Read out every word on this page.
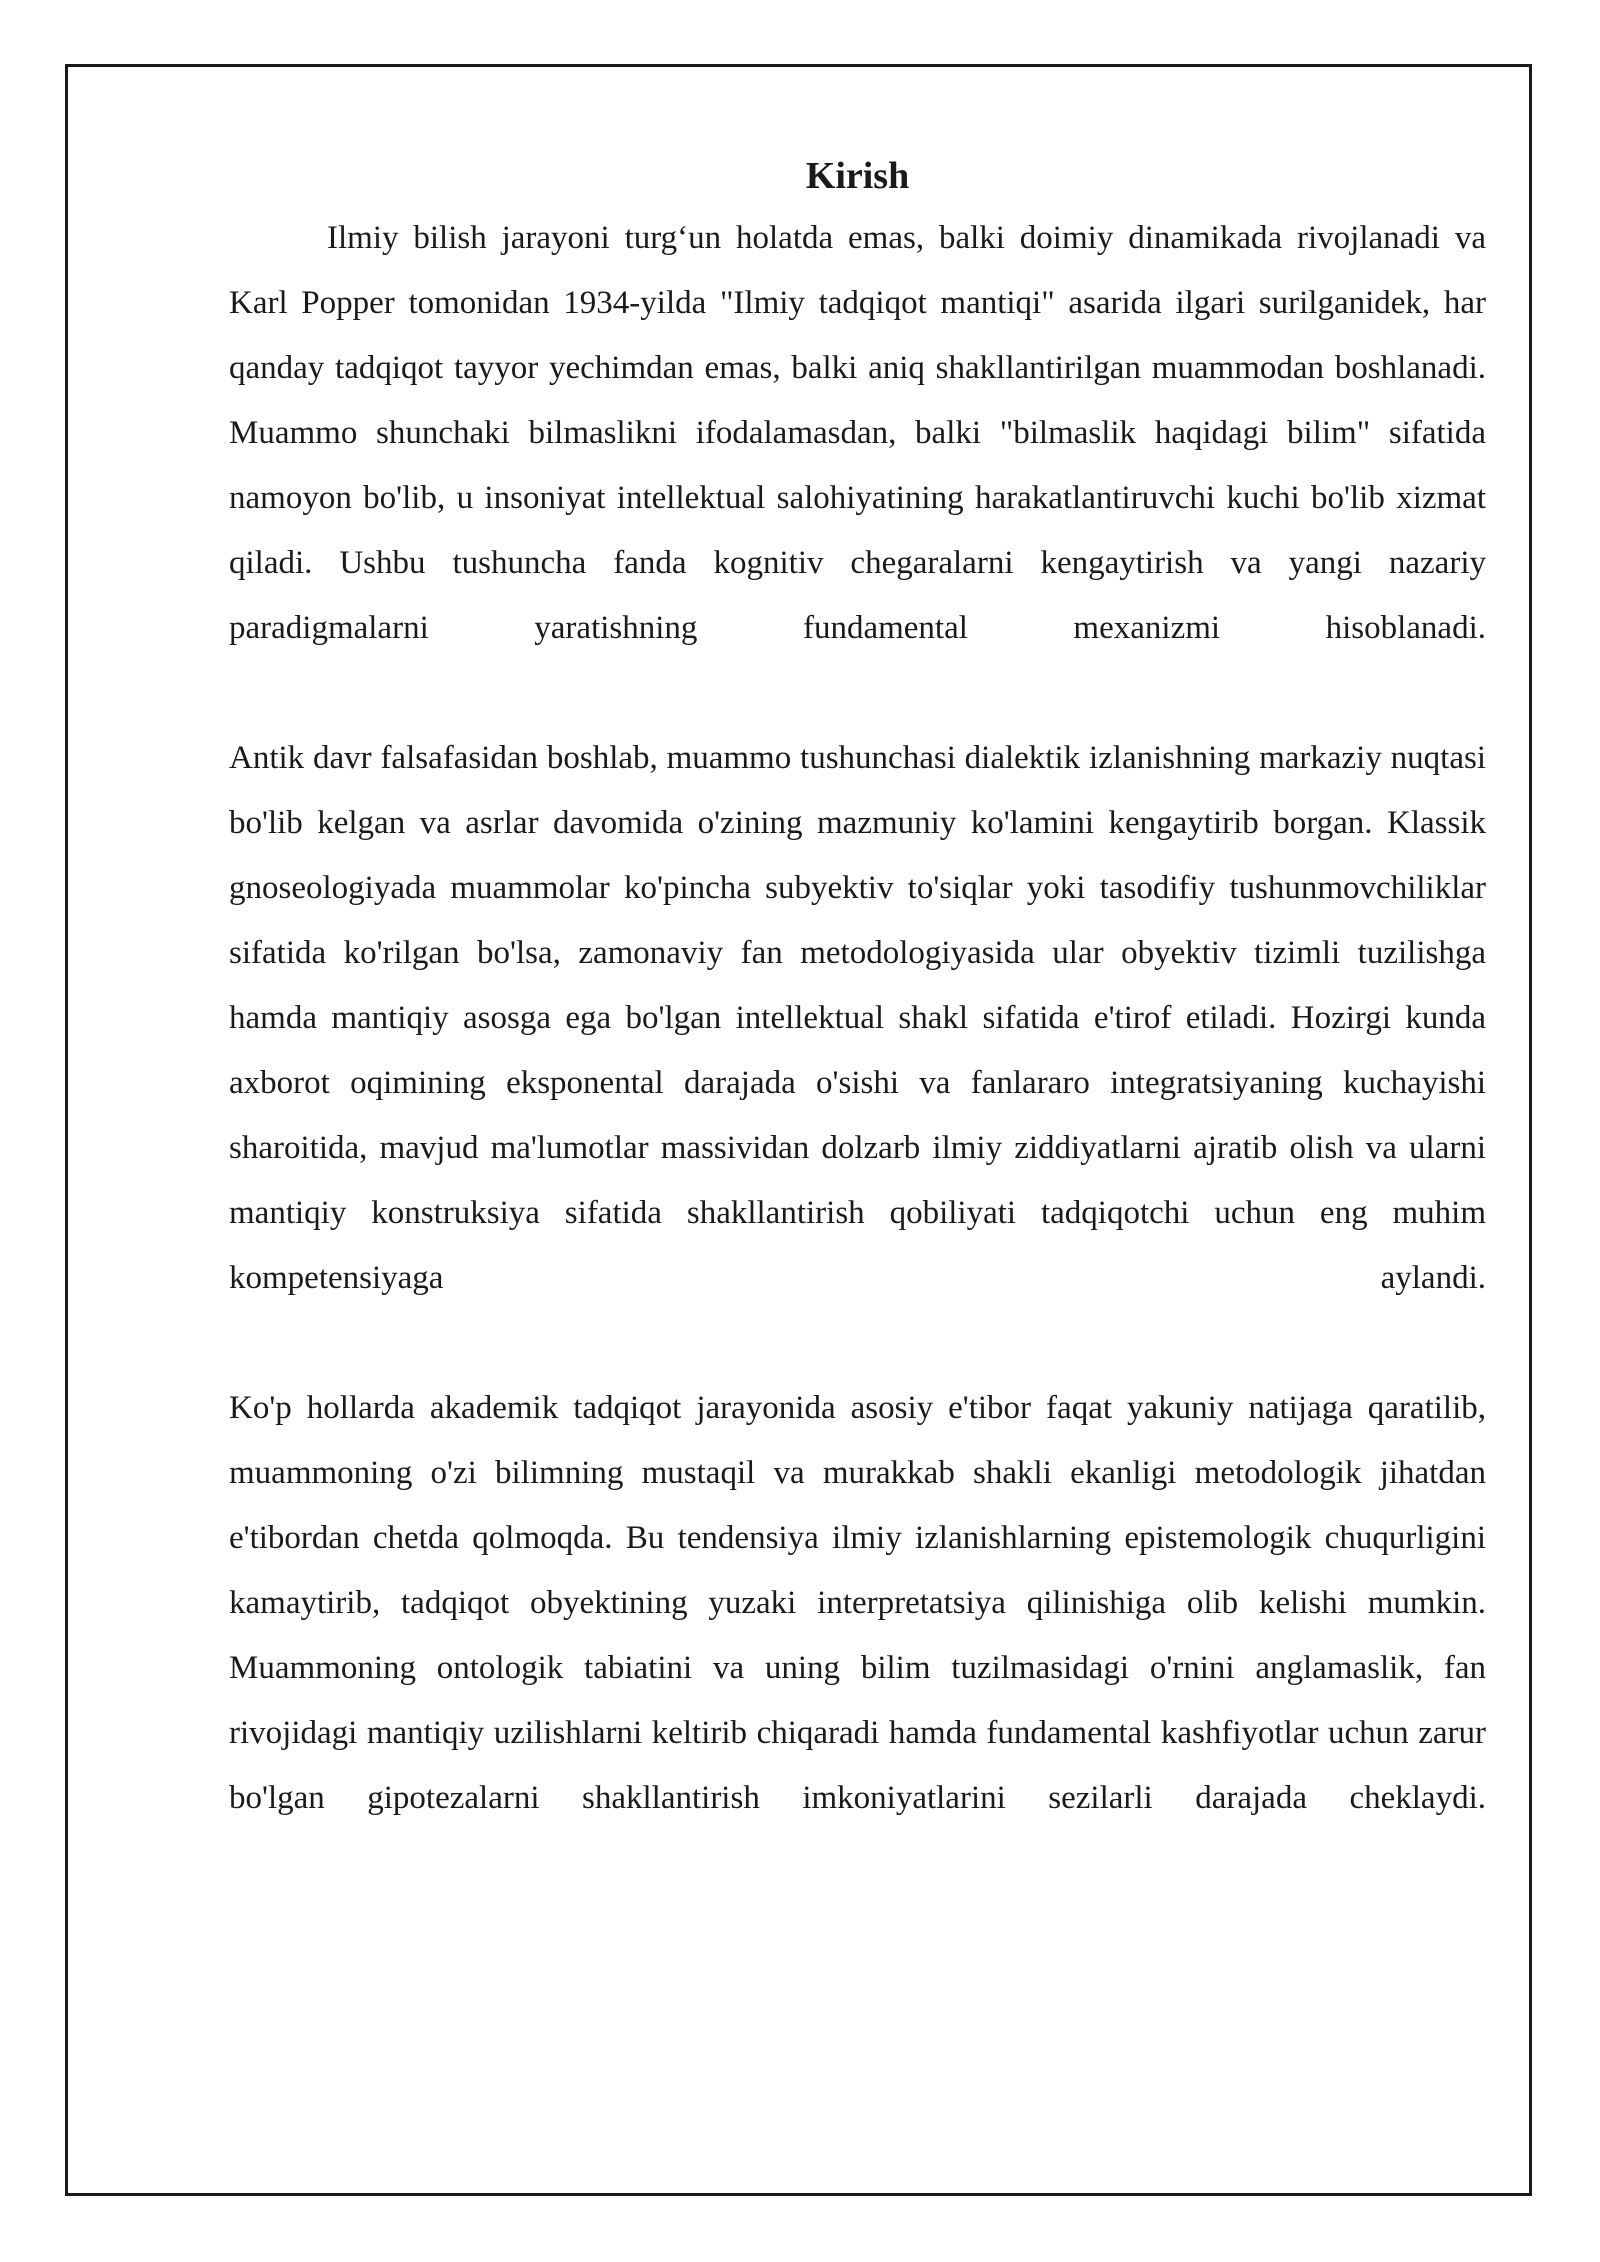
Kirish

Ilmiy bilish jarayoni turg‘un holatda emas, balki doimiy dinamikada rivojlanadi va Karl Popper tomonidan 1934-yilda "Ilmiy tadqiqot mantiqi" asarida ilgari surilganidek, har qanday tadqiqot tayyor yechimdan emas, balki aniq shakllantirilgan muammodan boshlanadi. Muammo shunchaki bilmaslikni ifodalamasdan, balki "bilmaslik haqidagi bilim" sifatida namoyon bo'lib, u insoniyat intellektual salohiyatining harakatlantiruvchi kuchi bo'lib xizmat qiladi. Ushbu tushuncha fanda kognitiv chegaralarni kengaytirish va yangi nazariy paradigmalarni yaratishning fundamental mexanizmi hisoblanadi.

Antik davr falsafasidan boshlab, muammo tushunchasi dialektik izlanishning markaziy nuqtasi bo'lib kelgan va asrlar davomida o'zining mazmuniy ko'lamini kengaytirib borgan. Klassik gnoseologiyada muammolar ko'pincha subyektiv to'siqlar yoki tasodifiy tushunmovchiliklar sifatida ko'rilgan bo'lsa, zamonaviy fan metodologiyasida ular obyektiv tizimli tuzilishga hamda mantiqiy asosga ega bo'lgan intellektual shakl sifatida e'tirof etiladi. Hozirgi kunda axborot oqimining eksponental darajada o'sishi va fanlararo integratsiyaning kuchayishi sharoitida, mavjud ma'lumotlar massividan dolzarb ilmiy ziddiyatlarni ajratib olish va ularni mantiqiy konstruksiya sifatida shakllantirish qobiliyati tadqiqotchi uchun eng muhim kompetensiyaga aylandi.

Ko'p hollarda akademik tadqiqot jarayonida asosiy e'tibor faqat yakuniy natijaga qaratilib, muammoning o'zi bilimning mustaqil va murakkab shakli ekanligi metodologik jihatdan e'tibordan chetda qolmoqda. Bu tendensiya ilmiy izlanishlarning epistemologik chuqurligini kamaytirib, tadqiqot obyektining yuzaki interpretatsiya qilinishiga olib kelishi mumkin. Muammoning ontologik tabiatini va uning bilim tuzilmasidagi o'rnini anglamaslik, fan rivojidagi mantiqiy uzilishlarni keltirib chiqaradi hamda fundamental kashfiyotlar uchun zarur bo'lgan gipotezalarni shakllantirish imkoniyatlarini sezilarli darajada cheklaydi.
